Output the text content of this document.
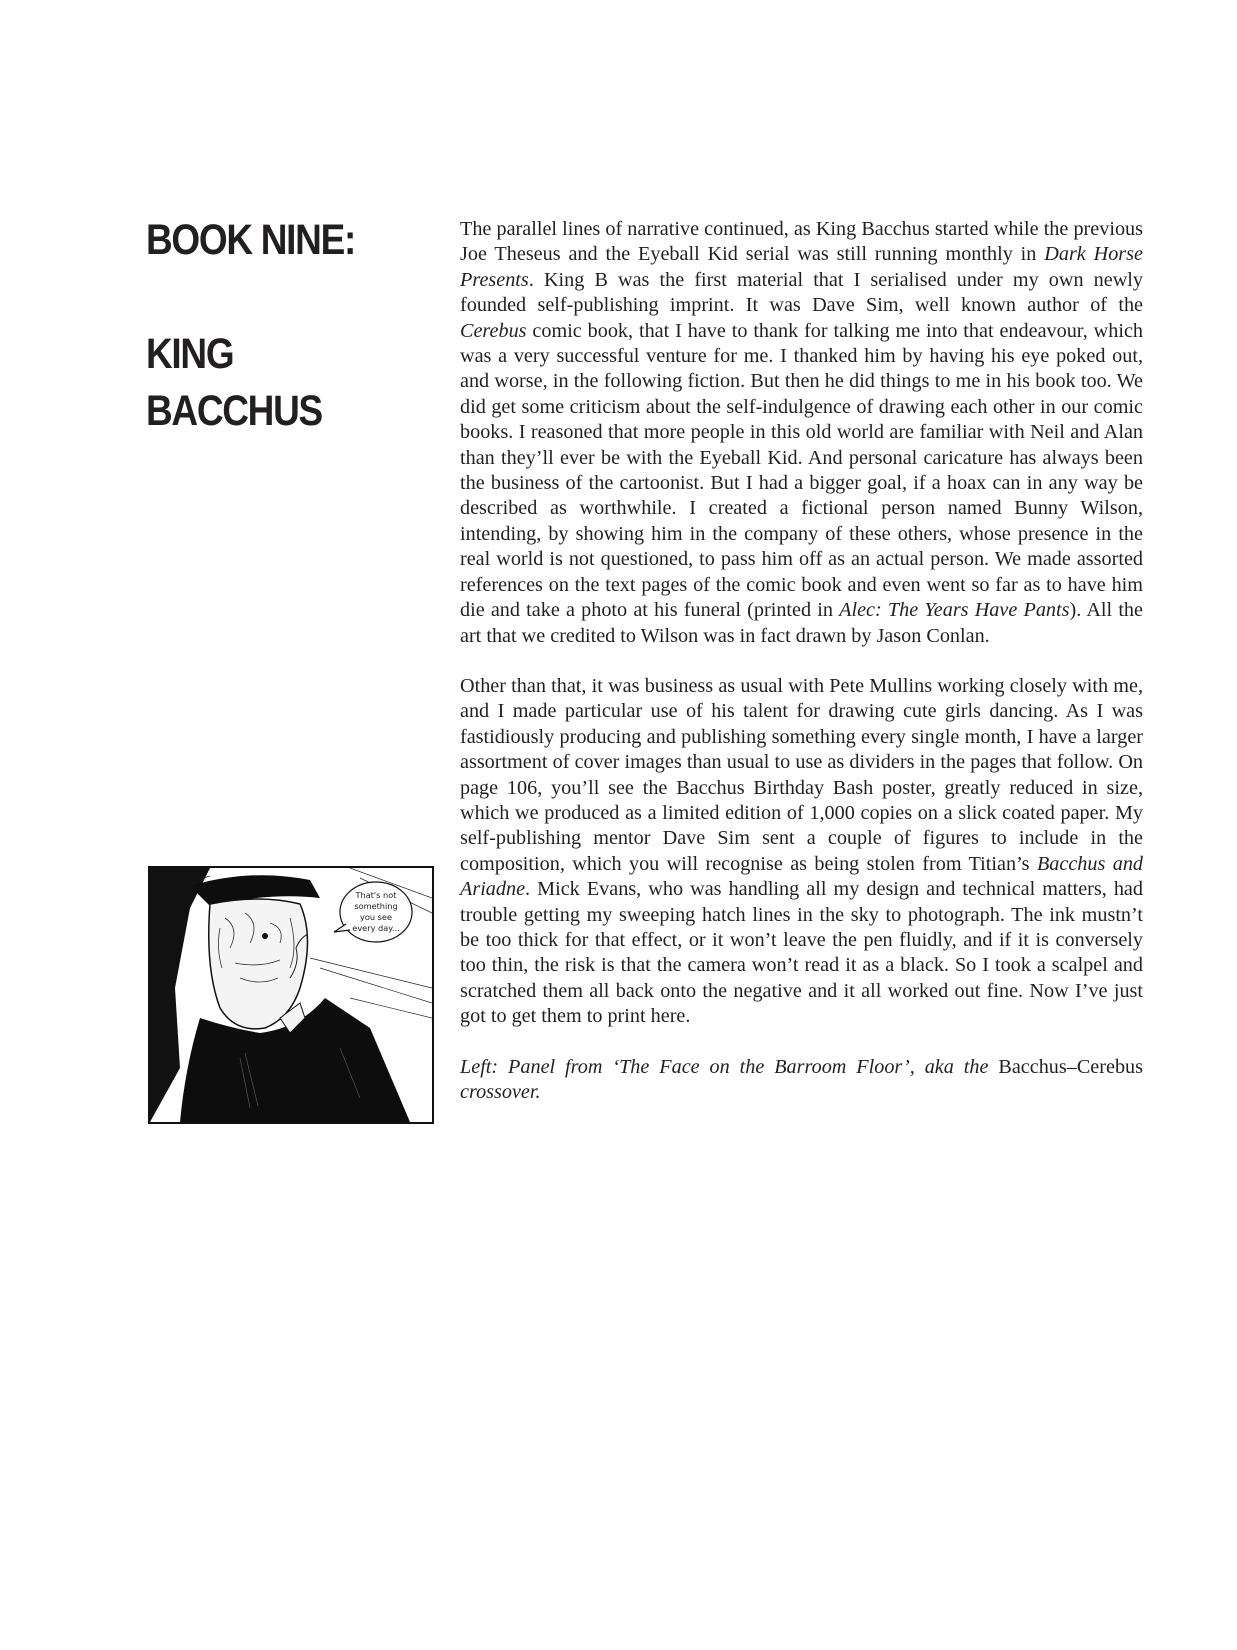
BOOK NINE:
KING
BACCHUS

The parallel lines of narrative continued, as King Bacchus started while the previous Joe Theseus and the Eyeball Kid serial was still running monthly in Dark Horse Presents. King B was the first material that I serialised under my own newly founded self-publishing imprint. It was Dave Sim, well known author of the Cerebus comic book, that I have to thank for talking me into that endeavour, which was a very successful venture for me. I thanked him by having his eye poked out, and worse, in the following fiction. But then he did things to me in his book too. We did get some criticism about the self-indulgence of drawing each other in our comic books. I reasoned that more people in this old world are familiar with Neil and Alan than they’ll ever be with the Eyeball Kid. And personal caricature has always been the business of the cartoonist. But I had a bigger goal, if a hoax can in any way be described as worthwhile. I created a fictional person named Bunny Wilson, intending, by showing him in the company of these others, whose presence in the real world is not questioned, to pass him off as an actual person. We made assorted references on the text pages of the comic book and even went so far as to have him die and take a photo at his funeral (printed in Alec: The Years Have Pants). All the art that we credited to Wilson was in fact drawn by Jason Conlan.

Other than that, it was business as usual with Pete Mullins working closely with me, and I made particular use of his talent for drawing cute girls dancing. As I was fastidiously producing and publishing something every single month, I have a larger assortment of cover images than usual to use as dividers in the pages that follow. On page 106, you’ll see the Bacchus Birthday Bash poster, greatly reduced in size, which we produced as a limited edition of 1,000 copies on a slick coated paper. My self-publishing mentor Dave Sim sent a couple of figures to include in the composition, which you will recognise as being stolen from Titian’s Bacchus and Ariadne. Mick Evans, who was handling all my design and technical matters, had trouble getting my sweeping hatch lines in the sky to photograph. The ink mustn’t be too thick for that effect, or it won’t leave the pen fluidly, and if it is conversely too thin, the risk is that the camera won’t read it as a black. So I took a scalpel and scratched them all back onto the negative and it all worked out fine. Now I’ve just got to get them to print here.

Left: Panel from ‘The Face on the Barroom Floor’, aka the Bacchus–Cerebus crossover.

That's not
something
you see
every day...
